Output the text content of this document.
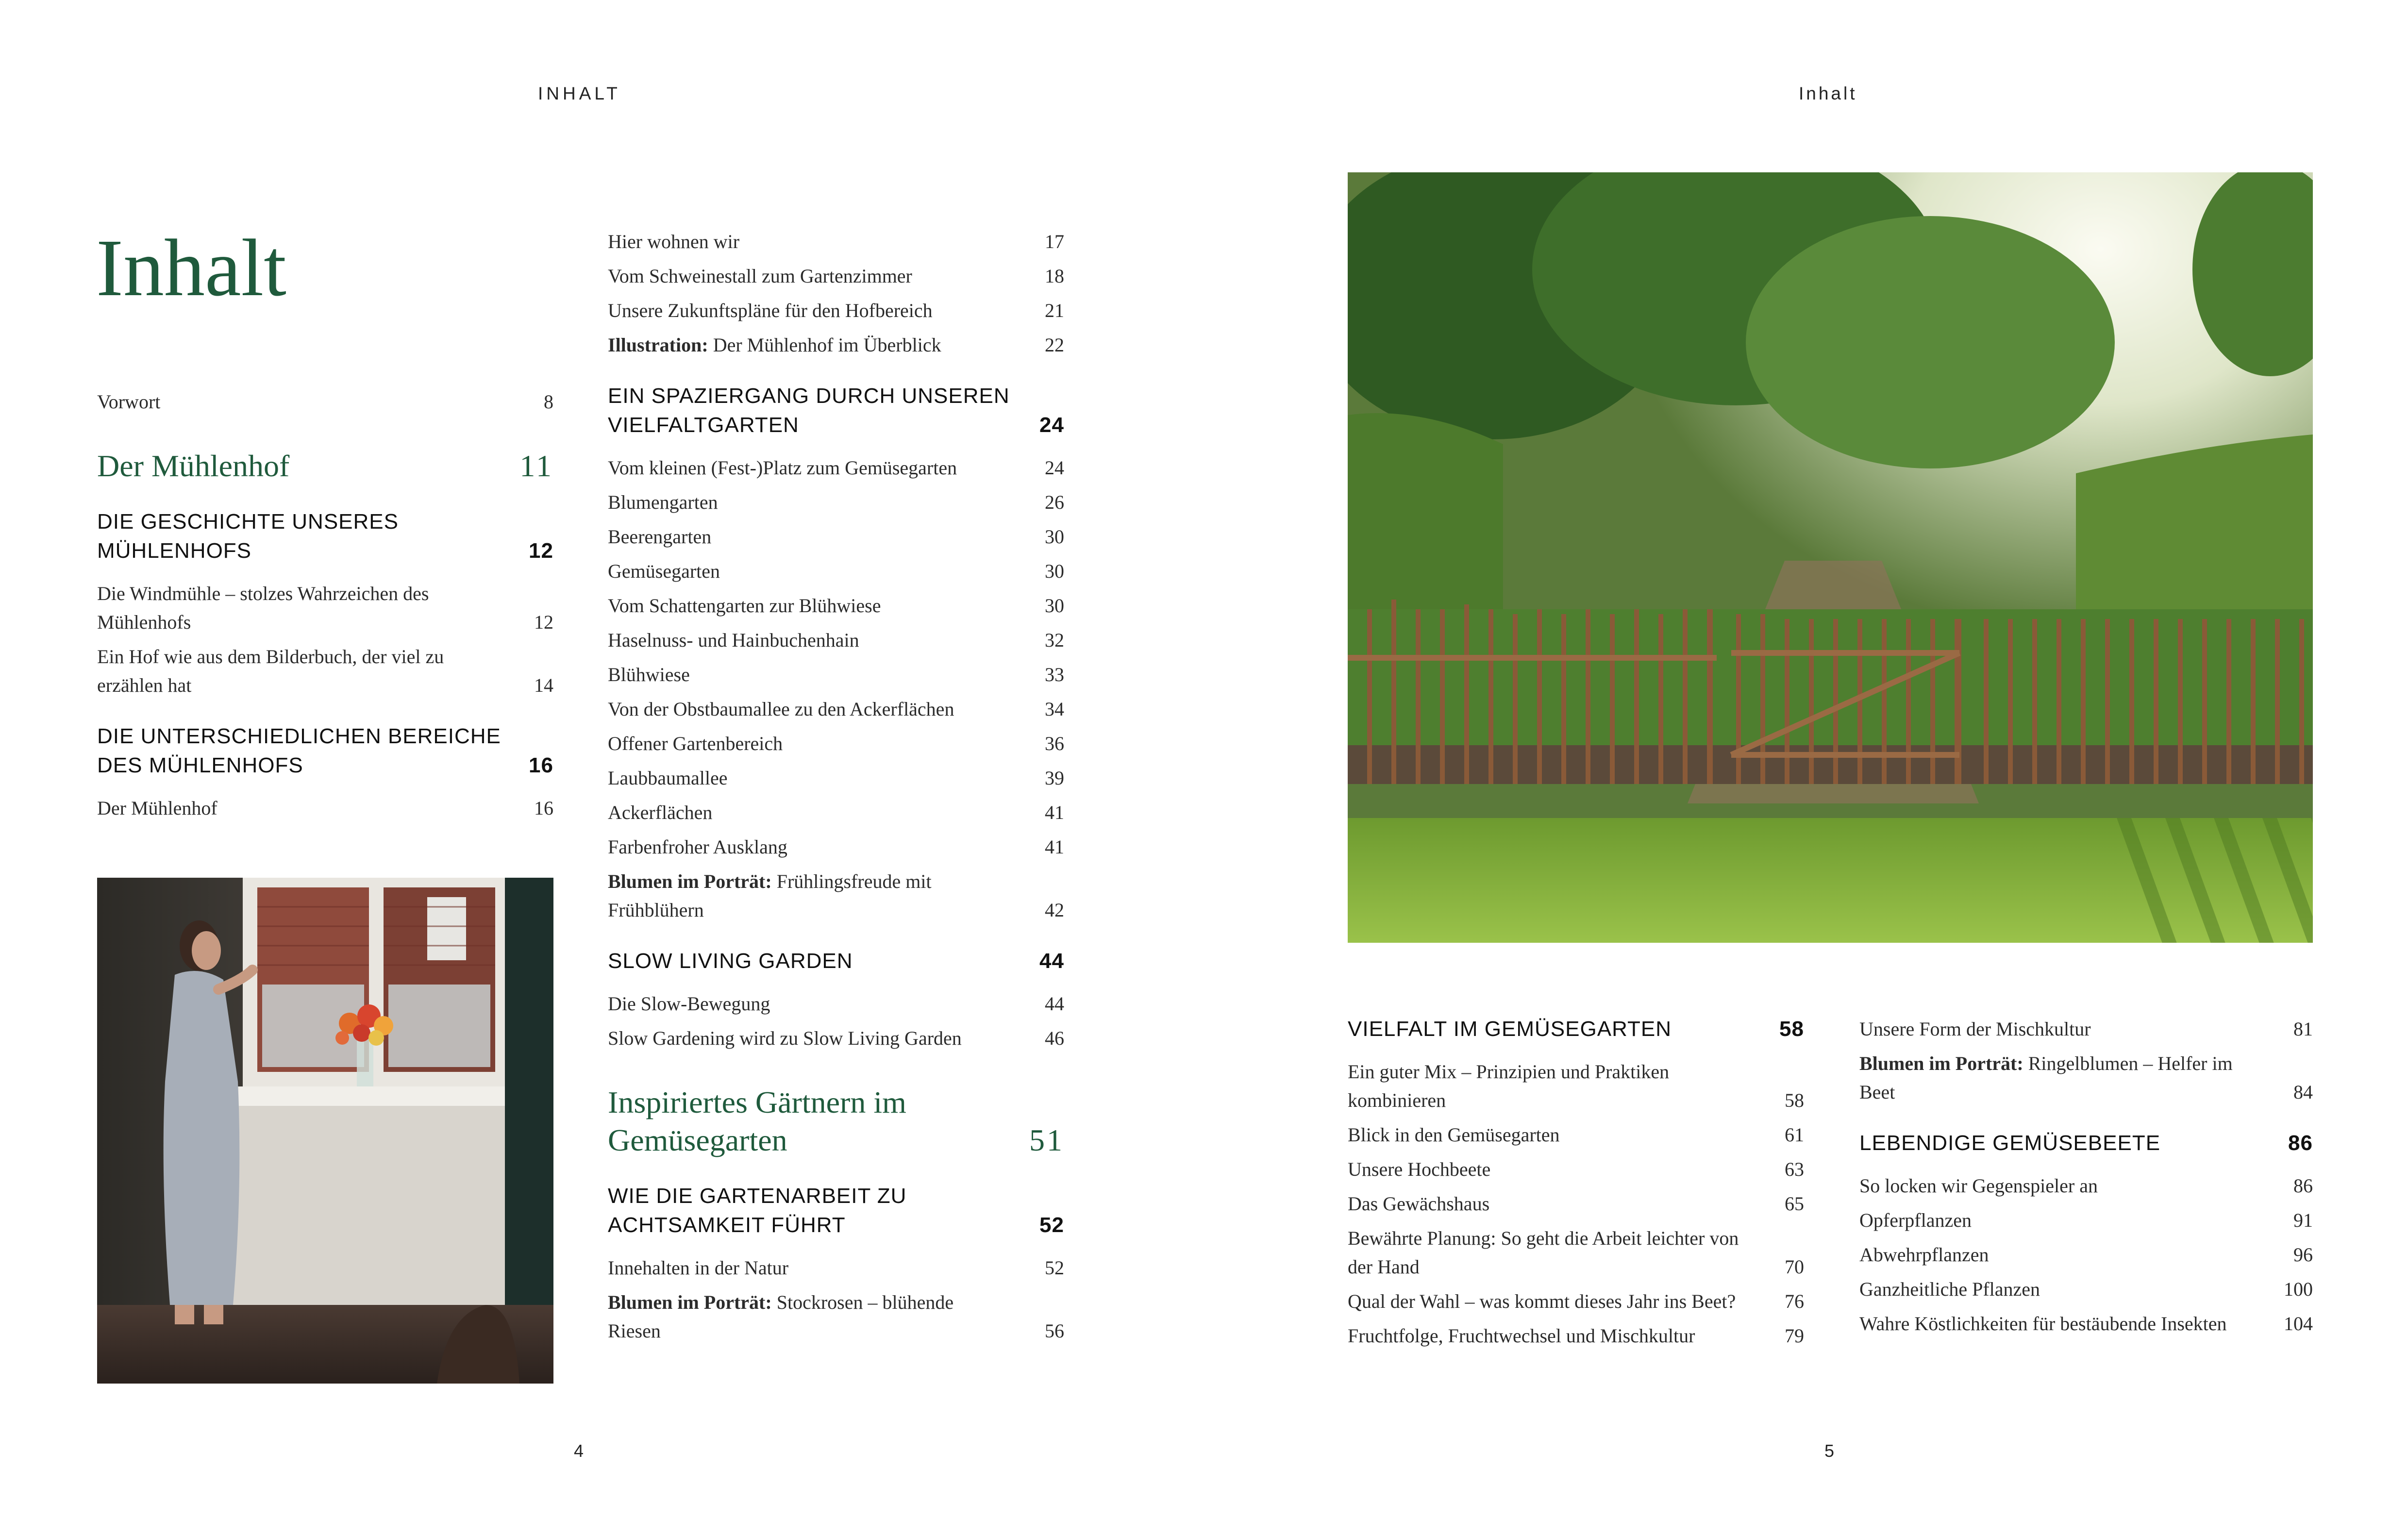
INHALT	Inhalt
Inhalt
Vorwort	8
Der Mühlenhof	11
DIE GESCHICHTE UNSERES MÜHLENHOFS	12
Die Windmühle – stolzes Wahrzeichen des Mühlenhofs	12
Ein Hof wie aus dem Bilderbuch, der viel zu erzählen hat	14
DIE UNTERSCHIEDLICHEN BEREICHE DES MÜHLENHOFS	16
Der Mühlenhof	16
Hier wohnen wir	17
Vom Schweinestall zum Gartenzimmer	18
Unsere Zukunftspläne für den Hofbereich	21
Illustration: Der Mühlenhof im Überblick	22
EIN SPAZIERGANG DURCH UNSEREN VIELFALTGARTEN	24
Vom kleinen (Fest-)Platz zum Gemüsegarten	24
Blumengarten	26
Beerengarten	30
Gemüsegarten	30
Vom Schattengarten zur Blühwiese	30
Haselnuss- und Hainbuchenhain	32
Blühwiese	33
Von der Obstbaumallee zu den Ackerflächen	34
Offener Gartenbereich	36
Laubbaumallee	39
Ackerflächen	41
Farbenfroher Ausklang	41
Blumen im Porträt: Frühlingsfreude mit Frühblühern	42
SLOW LIVING GARDEN	44
Die Slow-Bewegung	44
Slow Gardening wird zu Slow Living Garden	46
Inspiriertes Gärtnern im Gemüsegarten	51
WIE DIE GARTENARBEIT ZU ACHTSAMKEIT FÜHRT	52
Innehalten in der Natur	52
Blumen im Porträt: Stockrosen – blühende Riesen	56
VIELFALT IM GEMÜSEGARTEN	58
Ein guter Mix – Prinzipien und Praktiken kombinieren	58
Blick in den Gemüsegarten	61
Unsere Hochbeete	63
Das Gewächshaus	65
Bewährte Planung: So geht die Arbeit leichter von der Hand	70
Qual der Wahl – was kommt dieses Jahr ins Beet?	76
Fruchtfolge, Fruchtwechsel und Mischkultur	79
Unsere Form der Mischkultur	81
Blumen im Porträt: Ringelblumen – Helfer im Beet	84
LEBENDIGE GEMÜSEBEETE	86
So locken wir Gegenspieler an	86
Opferpflanzen	91
Abwehrpflanzen	96
Ganzheitliche Pflanzen	100
Wahre Köstlichkeiten für bestäubende Insekten	104
4	5
